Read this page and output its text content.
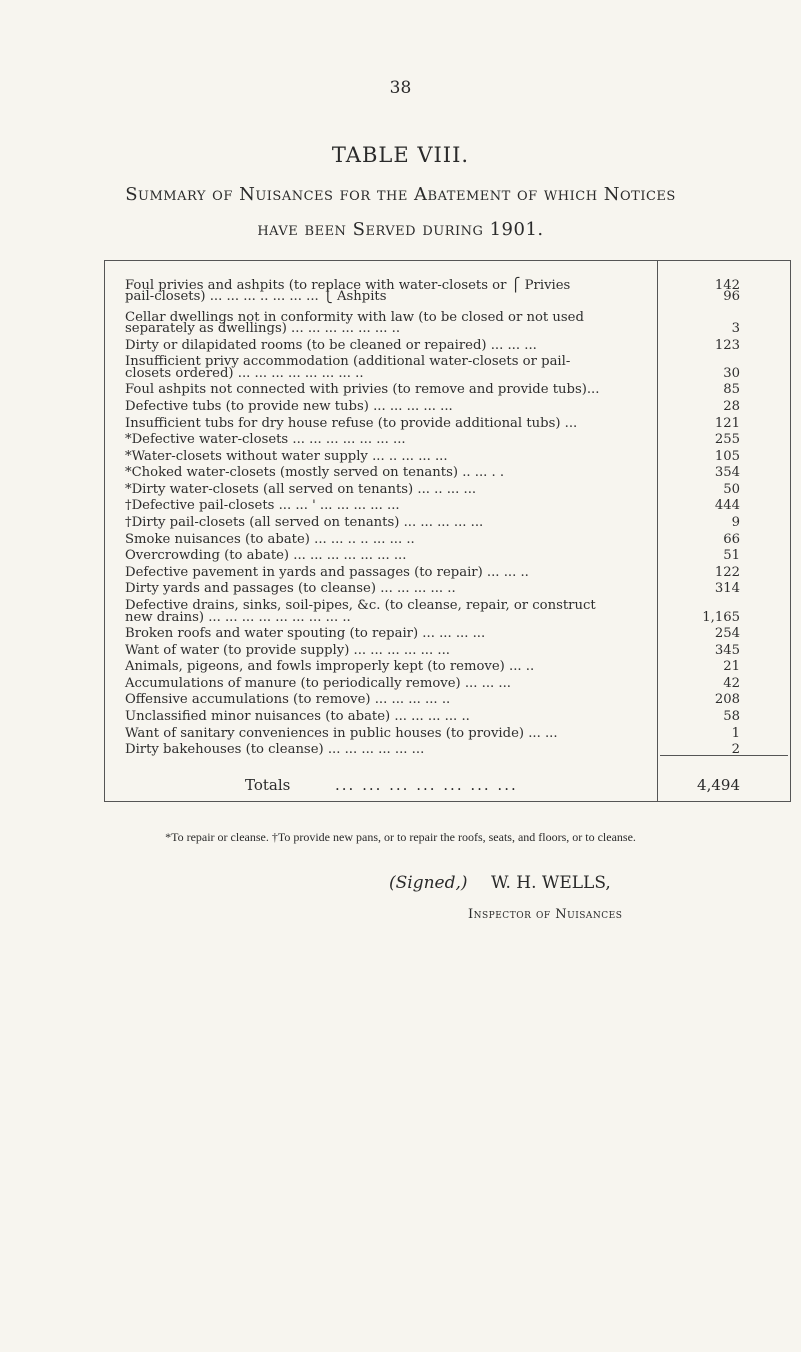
38
TABLE VIII.
Summary of Nuisances for the Abatement of which Notices
have been Served during 1901.
Foul privies and ashpits (to replace with water-closets or ⎧ Privies	142
pail-closets) ... ... ... .. ... ... ... ⎩ Ashpits	96
Cellar dwellings not in conformity with law (to be closed or not used
separately as dwellings) ... ... ... ... ... ... ..	3
Dirty or dilapidated rooms (to be cleaned or repaired) ... ... ...	123
Insufficient privy accommodation (additional water-closets or pail-
closets ordered) ... ... ... ... ... ... ... ..	30
Foul ashpits not connected with privies (to remove and provide tubs)...	85
Defective tubs (to provide new tubs) ... ... ... ... ...	28
Insufficient tubs for dry house refuse (to provide additional tubs) ...	121
*Defective water-closets ... ... ... ... ... ... ...	255
*Water-closets without water supply ... .. ... ... ...	105
*Choked water-closets (mostly served on tenants) .. ... . .	354
*Dirty water-closets (all served on tenants) ... .. ... ...	50
†Defective pail-closets ... ... ' ... ... ... ... ...	444
†Dirty pail-closets (all served on tenants) ... ... ... ... ...	9
Smoke nuisances (to abate) ... ... .. .. ... ... ..	66
Overcrowding (to abate) ... ... ... ... ... ... ...	51
Defective pavement in yards and passages (to repair) ... ... ..	122
Dirty yards and passages (to cleanse) ... ... ... ... ..	314
Defective drains, sinks, soil-pipes, &c. (to cleanse, repair, or construct
new drains) ... ... ... ... ... ... ... ... ..	1,165
Broken roofs and water spouting (to repair) ... ... ... ...	254
Want of water (to provide supply) ... ... ... ... ... ...	345
Animals, pigeons, and fowls improperly kept (to remove) ... ..	21
Accumulations of manure (to periodically remove) ... ... ...	42
Offensive accumulations (to remove) ... ... ... ... ..	208
Unclassified minor nuisances (to abate) ... ... ... ... ..	58
Want of sanitary conveniences in public houses (to provide) ... ...	1
Dirty bakehouses (to cleanse) ... ... ... ... ... ...	2
Totals	... ... ... ... ... ... ...	4,494
*To repair or cleanse. †To provide new pans, or to repair the roofs, seats, and floors, or to cleanse.
(Signed,) W. H. WELLS,
Inspector of Nuisances
